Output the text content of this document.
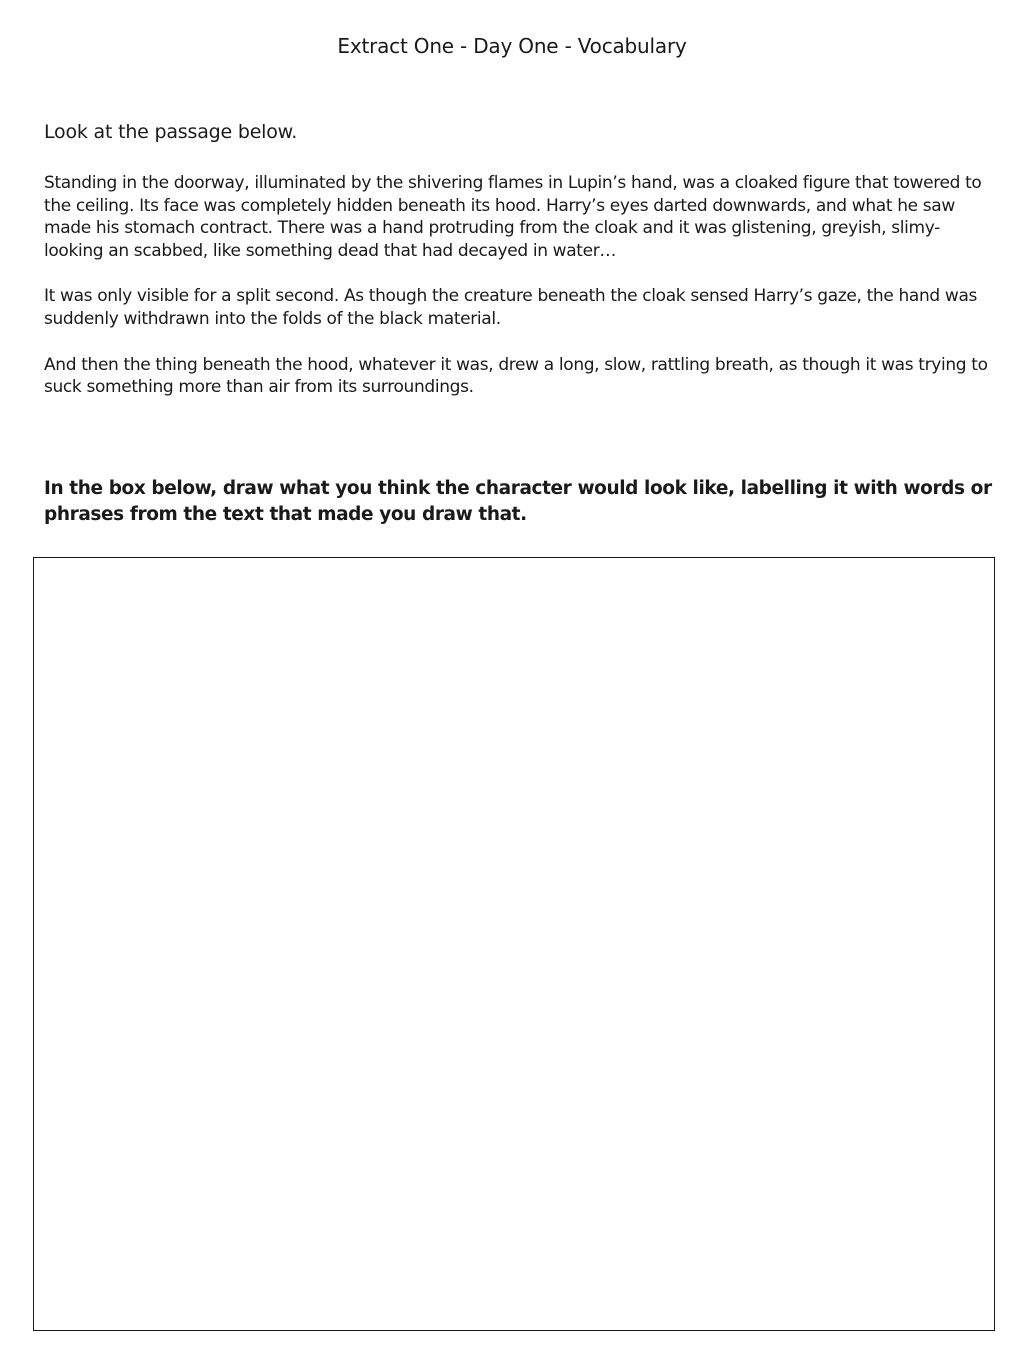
Extract One - Day One - Vocabulary
Look at the passage below.

Standing in the doorway, illuminated by the shivering flames in Lupin’s hand, was a cloaked figure that towered to the ceiling. Its face was completely hidden beneath its hood. Harry’s eyes darted downwards, and what he saw made his stomach contract. There was a hand protruding from the cloak and it was glistening, greyish, slimy-looking an scabbed, like something dead that had decayed in water…

It was only visible for a split second. As though the creature beneath the cloak sensed Harry’s gaze, the hand was suddenly withdrawn into the folds of the black material.

And then the thing beneath the hood, whatever it was, drew a long, slow, rattling breath, as though it was trying to suck something more than air from its surroundings.

In the box below, draw what you think the character would look like, labelling it with words or phrases from the text that made you draw that.
